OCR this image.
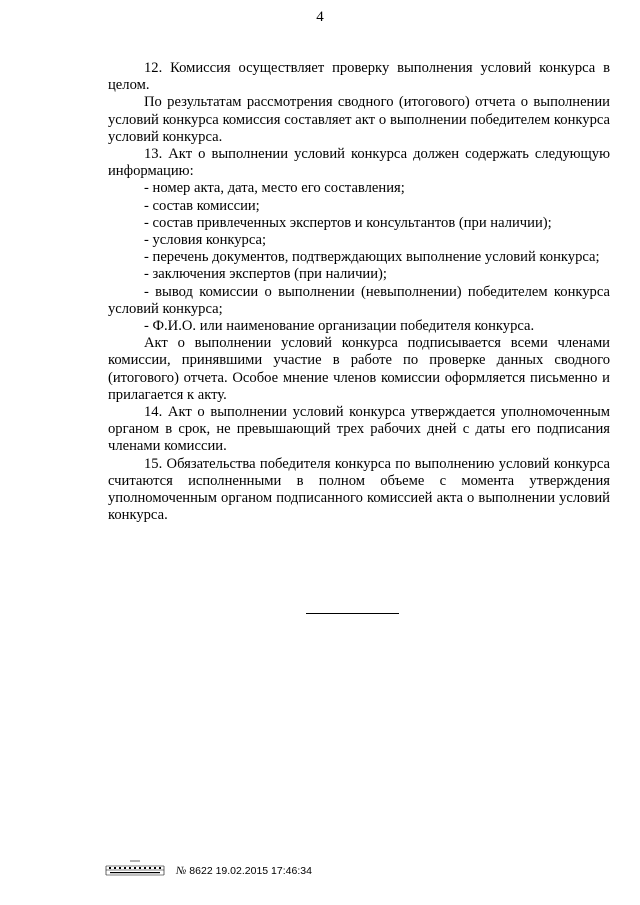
4

12. Комиссия осуществляет проверку выполнения условий конкурса в целом.

По результатам рассмотрения сводного (итогового) отчета о выполнении условий конкурса комиссия составляет акт о выполнении победителем конкурса условий конкурса.

13. Акт о выполнении условий конкурса должен содержать следующую информацию:

- номер акта, дата, место его составления;

- состав комиссии;

- состав привлеченных экспертов и консультантов (при наличии);

- условия конкурса;

- перечень документов, подтверждающих выполнение условий конкурса;

- заключения экспертов (при наличии);

- вывод комиссии о выполнении (невыполнении) победителем конкурса условий конкурса;

- Ф.И.О. или наименование организации победителя конкурса.

Акт о выполнении условий конкурса подписывается всеми членами комиссии, принявшими участие в работе по проверке данных сводного (итогового) отчета. Особое мнение членов комиссии оформляется письменно и прилагается к акту.

14. Акт о выполнении условий конкурса утверждается уполномоченным органом в срок, не превышающий трех рабочих дней с даты его подписания членами комиссии.

15. Обязательства победителя конкурса по выполнению условий конкурса считаются исполненными в полном объеме с момента утверждения уполномоченным органом подписанного комиссией акта о выполнении условий конкурса.

№ 8622 19.02.2015 17:46:34
